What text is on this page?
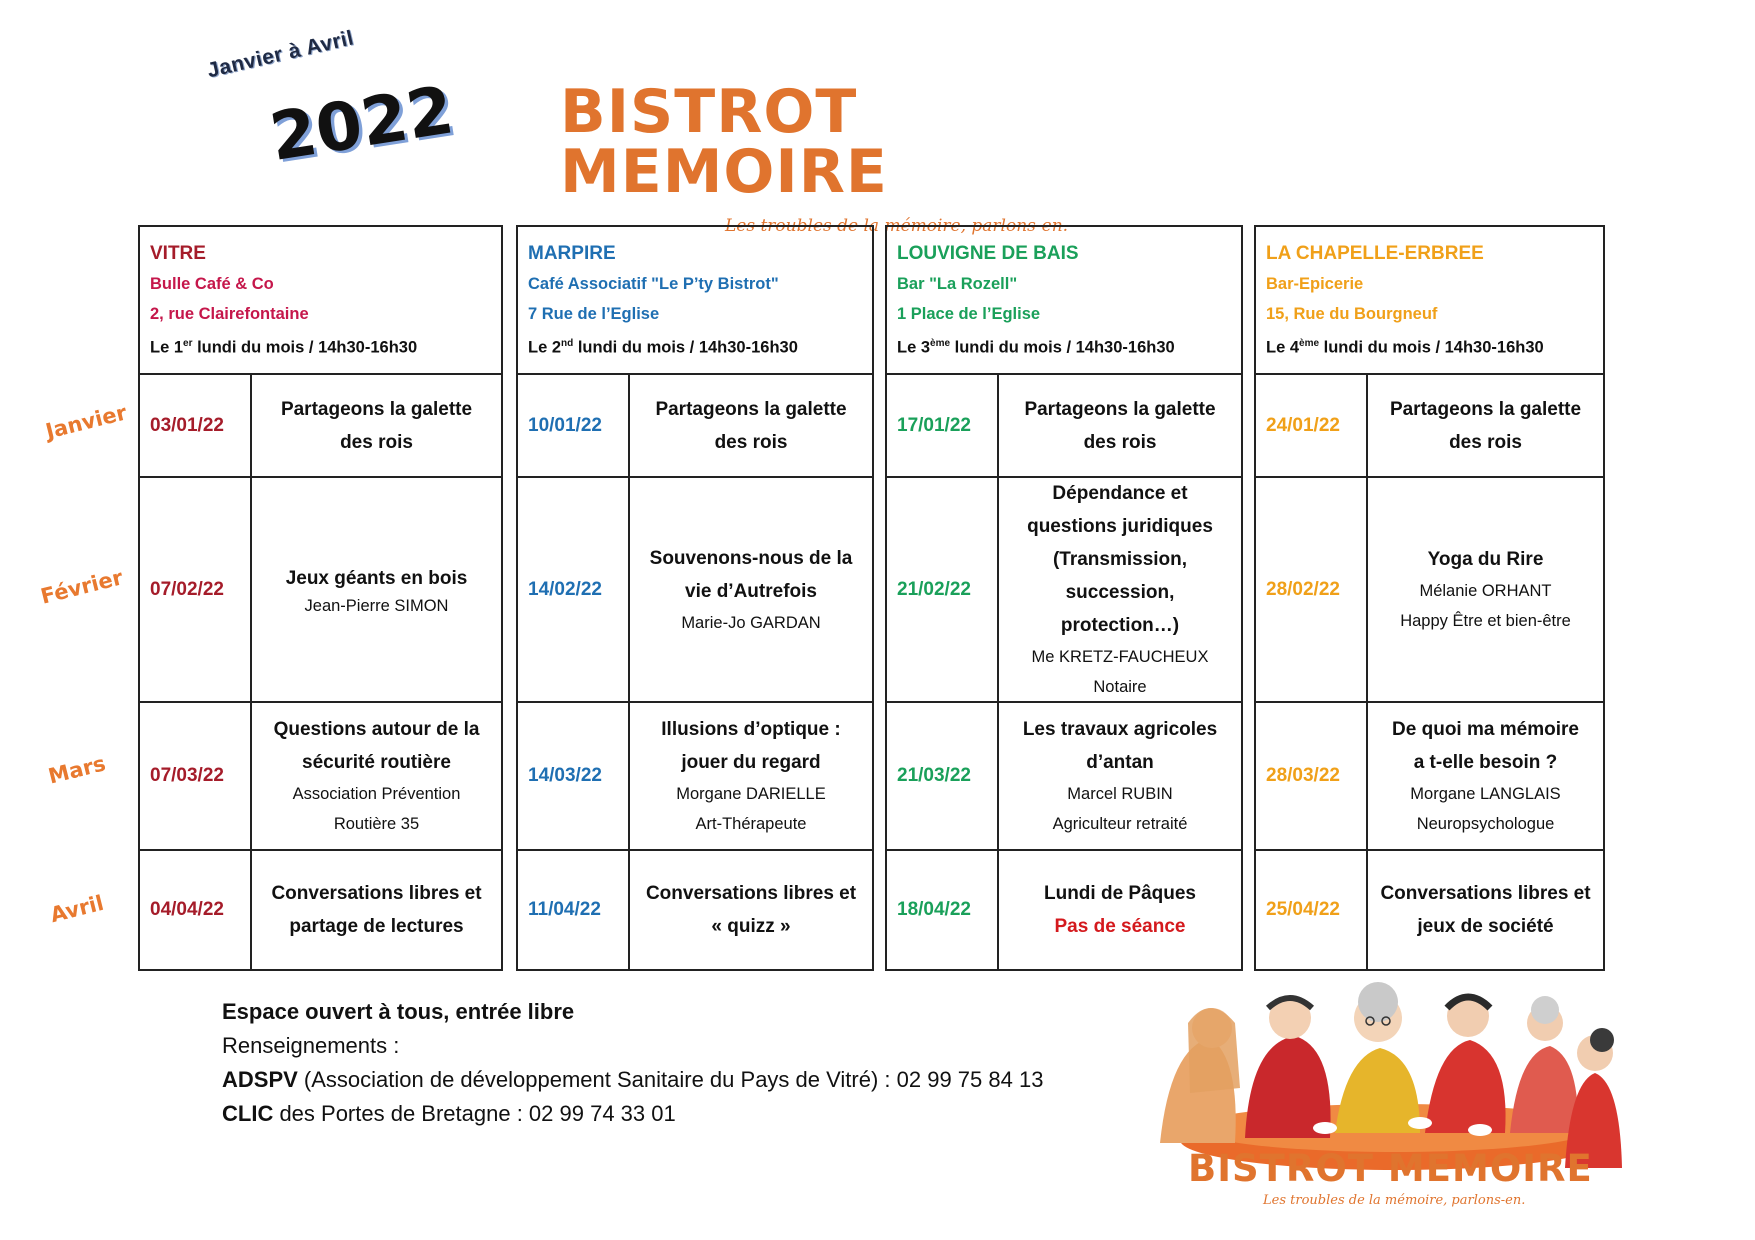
Janvier à Avril
2022 BISTROT MEMOIRE
Les troubles de la mémoire, parlons-en.
Janvier
Février
Mars
Avril
VITRE
Bulle Café & Co
2, rue Clairefontaine
Le 1er lundi du mois / 14h30-16h30
03/01/22
Partageons la galette
des rois
07/02/22	Jeux géants en bois
Jean-Pierre SIMON
07/03/22
Questions autour de la
sécurité routière
Association Prévention
Routière 35
04/04/22
Conversations libres et
partage de lectures
MARPIRE
Café Associatif "Le P’ty Bistrot"
7 Rue de l’Eglise
Le 2nd lundi du mois / 14h30-16h30
10/01/22
Partageons la galette
des rois
14/02/22
Souvenons-nous de la
vie d’Autrefois
Marie-Jo GARDAN
14/03/22
Illusions d’optique :
jouer du regard
Morgane DARIELLE
Art-Thérapeute
11/04/22
Conversations libres et
« quizz »
LOUVIGNE DE BAIS
Bar "La Rozell"
1 Place de l’Eglise
Le 3ème lundi du mois / 14h30-16h30
17/01/22
Partageons la galette
des rois
21/02/22
Dépendance et
questions juridiques
(Transmission,
succession,
protection…)
Me KRETZ-FAUCHEUX
Notaire
21/03/22
Les travaux agricoles
d’antan
Marcel RUBIN
Agriculteur retraité
18/04/22
Lundi de Pâques
Pas de séance
LA CHAPELLE-ERBREE
Bar-Epicerie
15, Rue du Bourgneuf
Le 4ème lundi du mois / 14h30-16h30
24/01/22
Partageons la galette
des rois
28/02/22
Yoga du Rire
Mélanie ORHANT
Happy Être et bien-être
28/03/22
De quoi ma mémoire
a t-elle besoin ?
Morgane LANGLAIS
Neuropsychologue
25/04/22
Conversations libres et
jeux de société
Espace ouvert à tous, entrée libre
Renseignements :
ADSPV (Association de développement Sanitaire du Pays de Vitré) : 02 99 75 84 13
CLIC des Portes de Bretagne : 02 99 74 33 01
BISTROT MEMOIRE
Les troubles de la mémoire, parlons-en.
